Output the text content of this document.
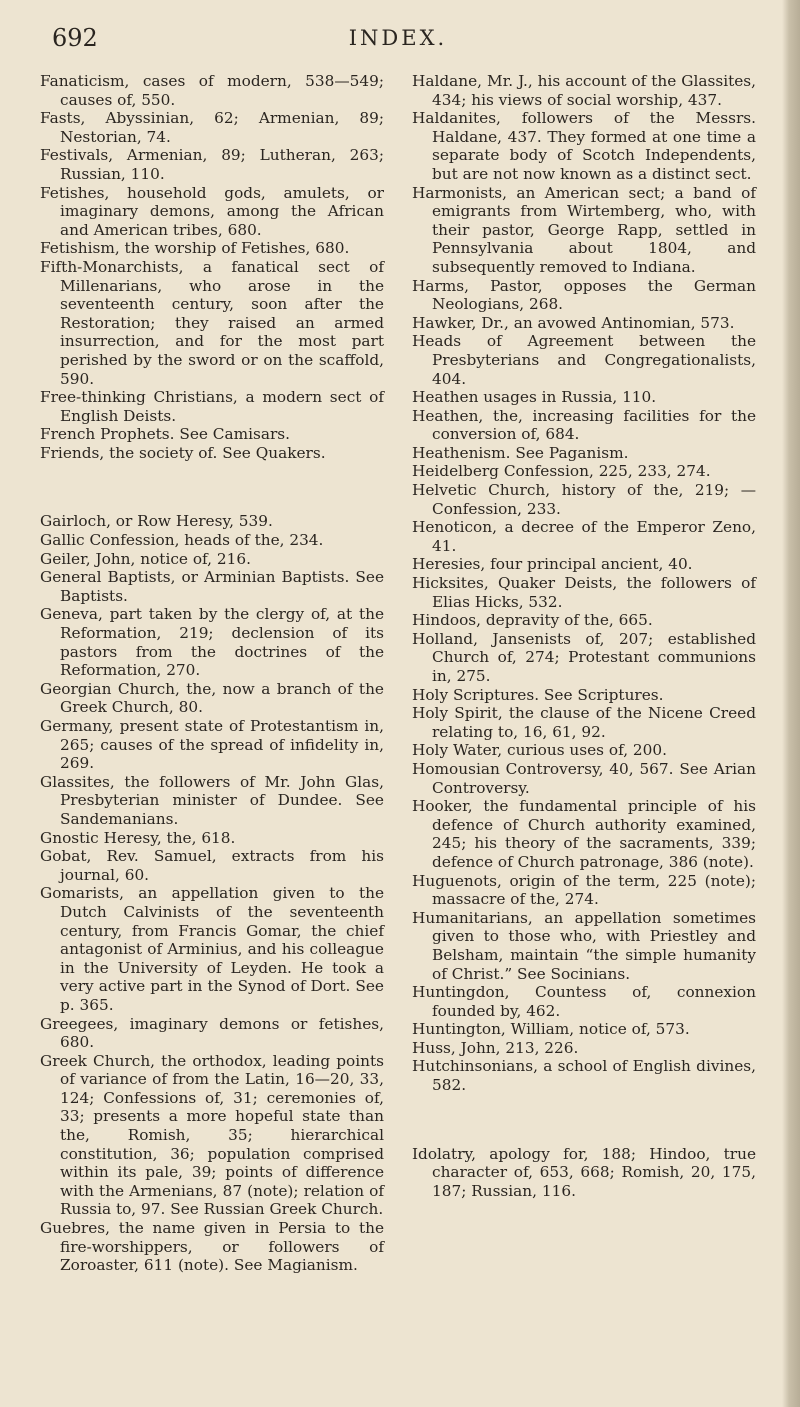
692	INDEX.

Fanaticism, cases of modern, 538—549; causes of, 550.

Fasts, Abyssinian, 62; Armenian, 89; Nestorian, 74.

Festivals, Armenian, 89; Lutheran, 263; Russian, 110.

Fetishes, household gods, amulets, or imaginary demons, among the African and American tribes, 680.

Fetishism, the worship of Fetishes, 680.

Fifth-Monarchists, a fanatical sect of Millenarians, who arose in the seventeenth century, soon after the Restoration; they raised an armed insurrection, and for the most part perished by the sword or on the scaffold, 590.

Free-thinking Christians, a modern sect of English Deists.

French Prophets. See Camisars.

Friends, the society of. See Quakers.

Gairloch, or Row Heresy, 539.

Gallic Confession, heads of the, 234.

Geiler, John, notice of, 216.

General Baptists, or Arminian Baptists. See Baptists.

Geneva, part taken by the clergy of, at the Reformation, 219; declension of its pastors from the doctrines of the Reformation, 270.

Georgian Church, the, now a branch of the Greek Church, 80.

Germany, present state of Protestantism in, 265; causes of the spread of infidelity in, 269.

Glassites, the followers of Mr. John Glas, Presbyterian minister of Dundee. See Sandemanians.

Gnostic Heresy, the, 618.

Gobat, Rev. Samuel, extracts from his journal, 60.

Gomarists, an appellation given to the Dutch Calvinists of the seventeenth century, from Francis Gomar, the chief antagonist of Arminius, and his colleague in the University of Leyden. He took a very active part in the Synod of Dort. See p. 365.

Greegees, imaginary demons or fetishes, 680.

Greek Church, the orthodox, leading points of variance of from the Latin, 16—20, 33, 124; Confessions of, 31; ceremonies of, 33; presents a more hopeful state than the, Romish, 35; hierarchical constitution, 36; population comprised within its pale, 39; points of difference with the Armenians, 87 (note); relation of Russia to, 97. See Russian Greek Church.

Guebres, the name given in Persia to the fire-worshippers, or followers of Zoroaster, 611 (note). See Magianism.

Haldane, Mr. J., his account of the Glassites, 434; his views of social worship, 437.

Haldanites, followers of the Messrs. Haldane, 437. They formed at one time a separate body of Scotch Independents, but are not now known as a distinct sect.

Harmonists, an American sect; a band of emigrants from Wirtemberg, who, with their pastor, George Rapp, settled in Pennsylvania about 1804, and subsequently removed to Indiana.

Harms, Pastor, opposes the German Neologians, 268.

Hawker, Dr., an avowed Antinomian, 573.

Heads of Agreement between the Presbyterians and Congregationalists, 404.

Heathen usages in Russia, 110.

Heathen, the, increasing facilities for the conversion of, 684.

Heathenism. See Paganism.

Heidelberg Confession, 225, 233, 274.

Helvetic Church, history of the, 219; —Confession, 233.

Henoticon, a decree of the Emperor Zeno, 41.

Heresies, four principal ancient, 40.

Hicksites, Quaker Deists, the followers of Elias Hicks, 532.

Hindoos, depravity of the, 665.

Holland, Jansenists of, 207; established Church of, 274; Protestant communions in, 275.

Holy Scriptures. See Scriptures.

Holy Spirit, the clause of the Nicene Creed relating to, 16, 61, 92.

Holy Water, curious uses of, 200.

Homousian Controversy, 40, 567. See Arian Controversy.

Hooker, the fundamental principle of his defence of Church authority examined, 245; his theory of the sacraments, 339; defence of Church patronage, 386 (note).

Huguenots, origin of the term, 225 (note); massacre of the, 274.

Humanitarians, an appellation sometimes given to those who, with Priestley and Belsham, maintain “the simple humanity of Christ.” See Socinians.

Huntingdon, Countess of, connexion founded by, 462.

Huntington, William, notice of, 573.

Huss, John, 213, 226.

Hutchinsonians, a school of English divines, 582.

Idolatry, apology for, 188; Hindoo, true character of, 653, 668; Romish, 20, 175, 187; Russian, 116.
